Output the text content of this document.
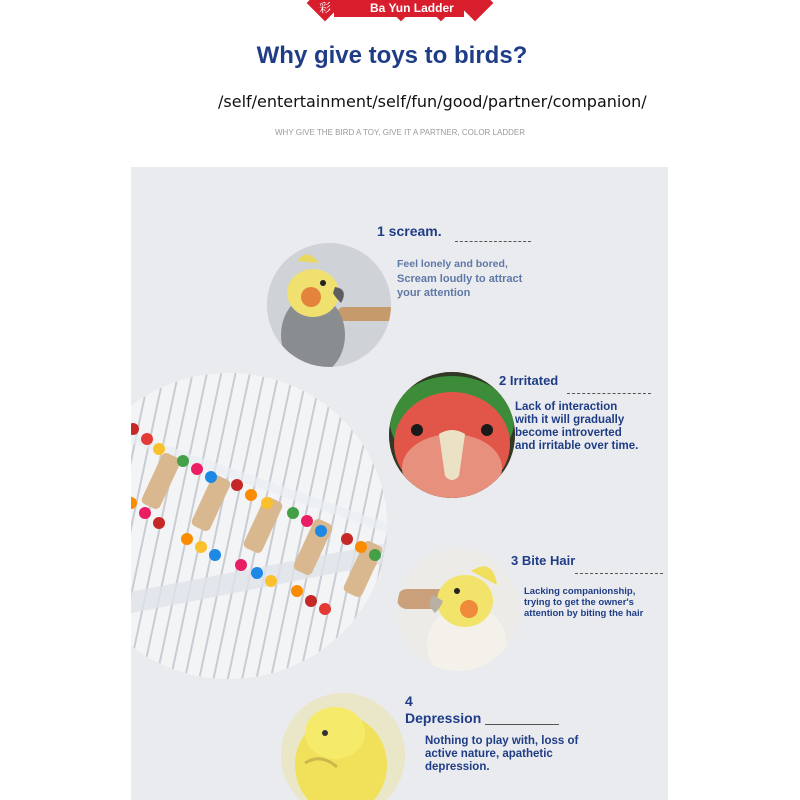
彩	Ba Yun Ladder
Why give toys to birds?
/self/entertainment/self/fun/good/partner/companion/
WHY GIVE THE BIRD A TOY, GIVE IT A PARTNER, COLOR LADDER
1 scream.
Feel lonely and bored,
Scream loudly to attract
your attention
2 Irritated
Lack of interaction
with it will gradually
become introverted
and irritable over time.
3 Bite Hair
Lacking companionship,
trying to get the owner's
attention by biting the hair
4
Depression
Nothing to play with, loss of
active nature, apathetic
depression.
